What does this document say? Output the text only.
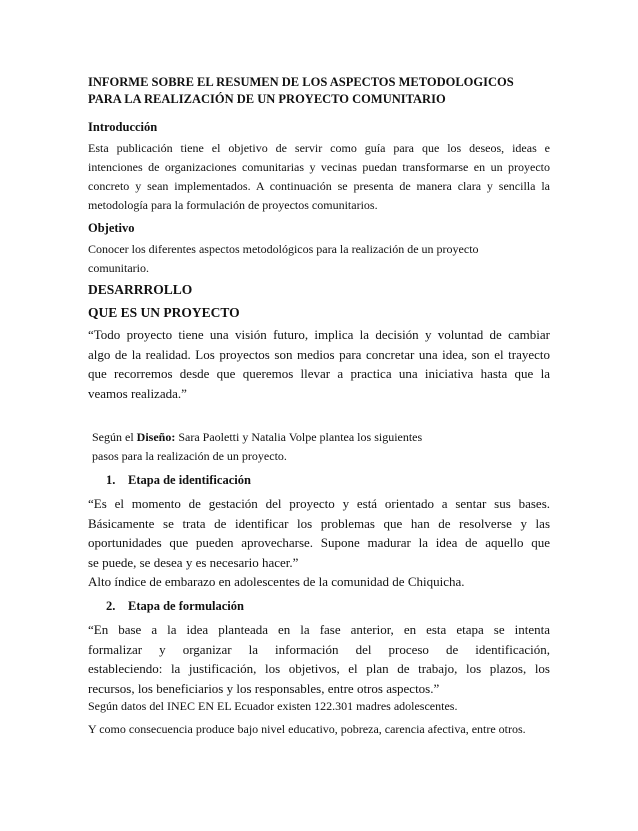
INFORME SOBRE EL RESUMEN DE LOS ASPECTOS METODOLOGICOS
PARA LA REALIZACIÓN DE UN PROYECTO COMUNITARIO
Introducción
Esta publicación tiene el objetivo de servir como guía para que los deseos, ideas e
intenciones de organizaciones comunitarias y vecinas puedan transformarse en un proyecto
concreto y sean implementados. A continuación se presenta de manera clara y sencilla la
metodología para la formulación de proyectos comunitarios.
Objetivo
Conocer los diferentes aspectos metodológicos para la realización de un proyecto
comunitario.
DESARRROLLO
QUE ES UN PROYECTO
“Todo proyecto tiene una visión futuro, implica la decisión y voluntad de cambiar
algo de la realidad. Los proyectos son medios para concretar una idea, son el trayecto
que recorremos desde que queremos llevar a practica una iniciativa hasta que la
veamos realizada.”
Según el Diseño: Sara Paoletti y Natalia Volpe plantea los siguientes
pasos para la realización de un proyecto.
1. Etapa de identificación
“Es el momento de gestación del proyecto y está orientado a sentar sus bases.
Básicamente se trata de identificar los problemas que han de resolverse y las
oportunidades que pueden aprovecharse. Supone madurar la idea de aquello que
se puede, se desea y es necesario hacer.”
Alto índice de embarazo en adolescentes de la comunidad de Chiquicha.
2. Etapa de formulación
“En base a la idea planteada en la fase anterior, en esta etapa se intenta
formalizar y organizar la información del proceso de identificación,
estableciendo: la justificación, los objetivos, el plan de trabajo, los plazos, los
recursos, los beneficiarios y los responsables, entre otros aspectos.”
Según datos del INEC EN EL Ecuador existen 122.301 madres adolescentes.
Y como consecuencia produce bajo nivel educativo, pobreza, carencia afectiva, entre otros.
